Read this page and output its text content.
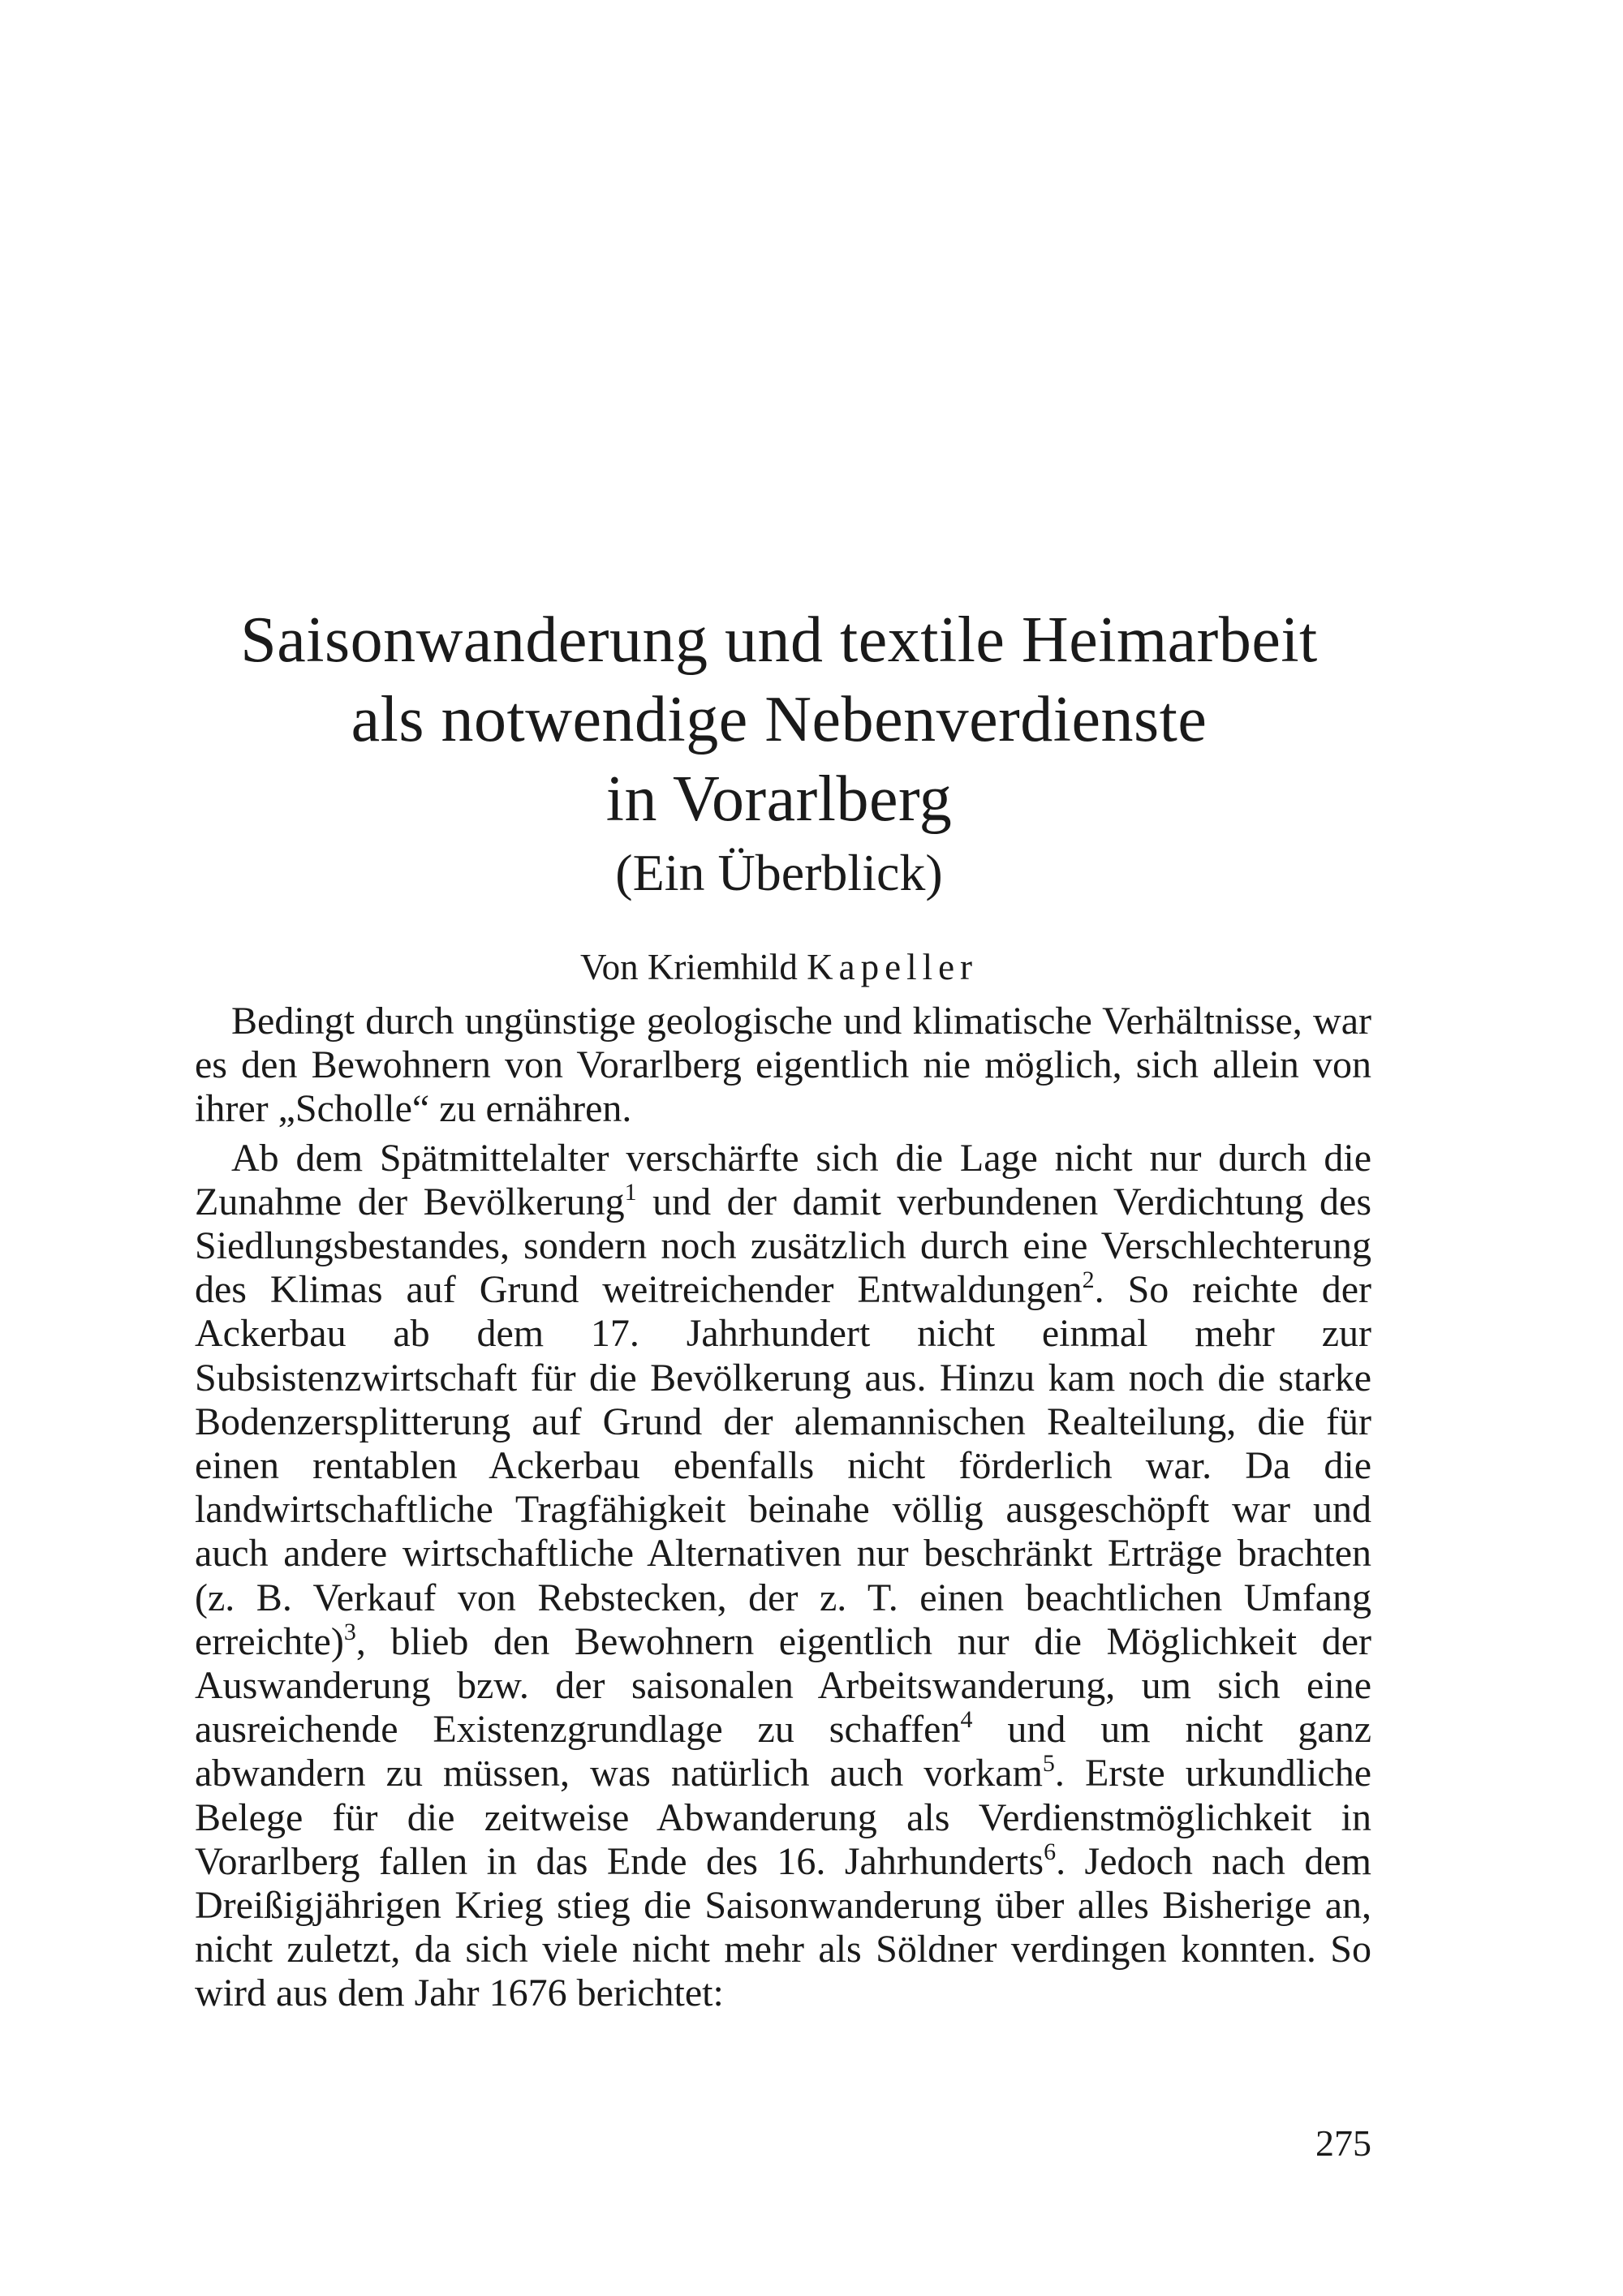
Saisonwanderung und textile Heimarbeit
als notwendige Nebenverdienste
in Vorarlberg
(Ein Überblick)
Von Kriemhild Kapeller

Bedingt durch ungünstige geologische und klimatische Verhältnisse, war es den Bewohnern von Vorarlberg eigentlich nie möglich, sich allein von ihrer „Scholle“ zu ernähren.

Ab dem Spätmittelalter verschärfte sich die Lage nicht nur durch die Zunahme der Bevölkerung$^1$ und der damit verbundenen Verdichtung des Siedlungsbestandes, sondern noch zusätzlich durch eine Verschlechterung des Klimas auf Grund weitreichender Entwaldungen$^2$. So reichte der Ackerbau ab dem 17. Jahrhundert nicht einmal mehr zur Subsistenzwirtschaft für die Bevölkerung aus. Hinzu kam noch die starke Bodenzersplitterung auf Grund der alemannischen Realteilung, die für einen rentablen Ackerbau ebenfalls nicht förderlich war. Da die landwirtschaftliche Tragfähigkeit beinahe völlig ausgeschöpft war und auch andere wirtschaftliche Alternativen nur beschränkt Erträge brachten (z. B. Verkauf von Rebstecken, der z. T. einen beachtlichen Umfang erreichte)$^3$, blieb den Bewohnern eigentlich nur die Möglichkeit der Auswanderung bzw. der saisonalen Arbeitswanderung, um sich eine ausreichende Existenzgrundlage zu schaffen$^4$ und um nicht ganz abwandern zu müssen, was natürlich auch vorkam$^5$. Erste urkundliche Belege für die zeitweise Abwanderung als Verdienstmöglichkeit in Vorarlberg fallen in das Ende des 16. Jahrhunderts$^6$. Jedoch nach dem Dreißigjährigen Krieg stieg die Saisonwanderung über alles Bisherige an, nicht zuletzt, da sich viele nicht mehr als Söldner verdingen konnten. So wird aus dem Jahr 1676 berichtet:

275
